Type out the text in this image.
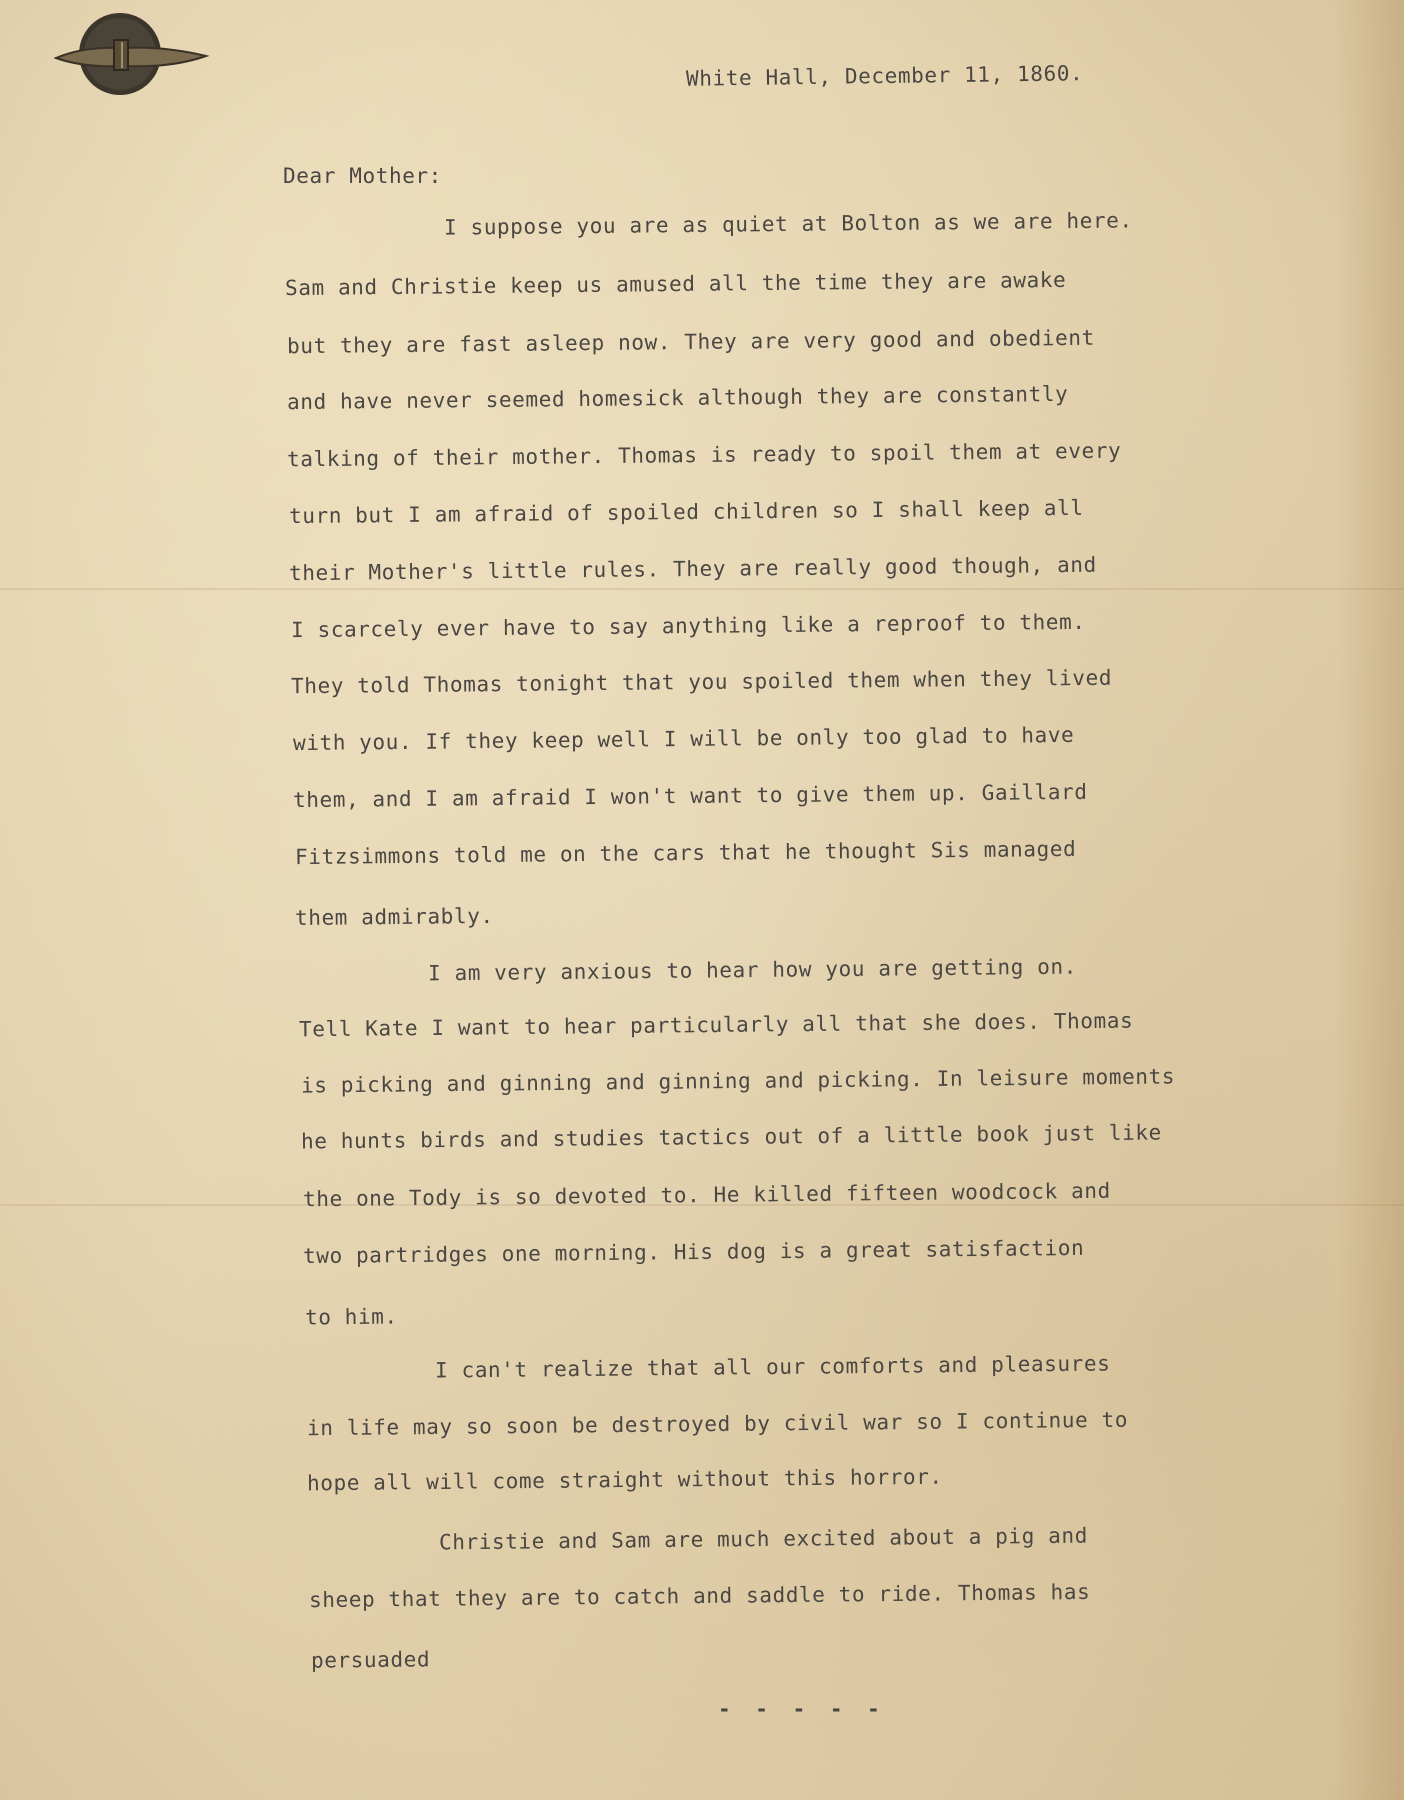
White Hall, December 11, 1860.
Dear Mother:
I suppose you are as quiet at Bolton as we are here.
Sam and Christie keep us amused all the time they are awake
but they are fast asleep now. They are very good and obedient
and have never seemed homesick although they are constantly
talking of their mother. Thomas is ready to spoil them at every
turn but I am afraid of spoiled children so I shall keep all
their Mother's little rules. They are really good though, and
I scarcely ever have to say anything like a reproof to them.
They told Thomas tonight that you spoiled them when they lived
with you. If they keep well I will be only too glad to have
them, and I am afraid I won't want to give them up. Gaillard
Fitzsimmons told me on the cars that he thought Sis managed
them admirably.
I am very anxious to hear how you are getting on.
Tell Kate I want to hear particularly all that she does. Thomas
is picking and ginning and ginning and picking. In leisure moments
he hunts birds and studies tactics out of a little book just like
the one Tody is so devoted to. He killed fifteen woodcock and
two partridges one morning. His dog is a great satisfaction
to him.
I can't realize that all our comforts and pleasures
in life may so soon be destroyed by civil war so I continue to
hope all will come straight without this horror.
Christie and Sam are much excited about a pig and
sheep that they are to catch and saddle to ride. Thomas has
persuaded
- - - - -
